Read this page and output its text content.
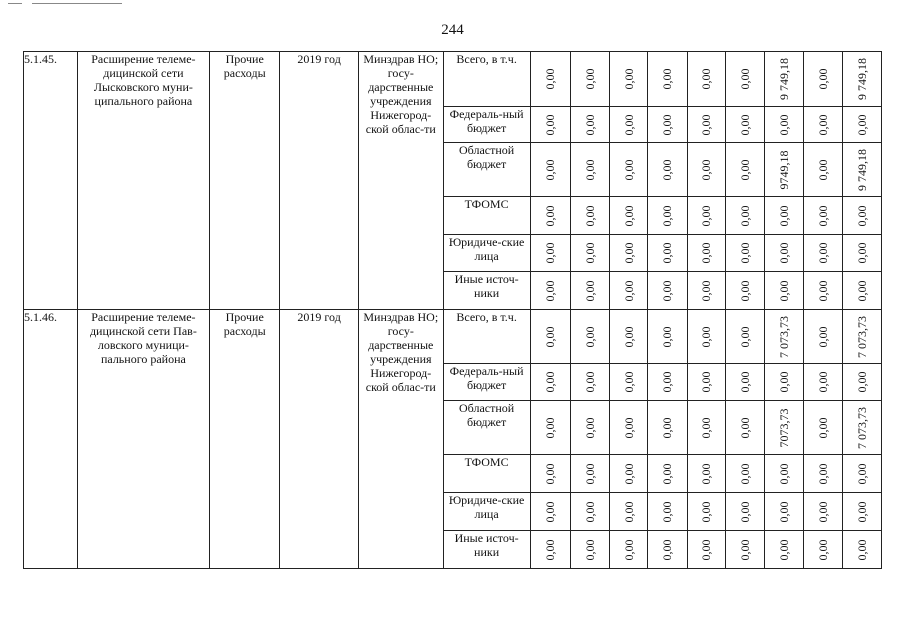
244
5.1.45.	Расширение телеме-дицинской сети Лысковского муни-ципального района	Прочие расходы	2019 год	Минздрав НО; госу-дарственные учреждения Нижегород-ской облас-ти	Всего, в т.ч.	0,00	0,00	0,00	0,00	0,00	0,00	9 749,18	0,00	9 749,18

					Федераль-ный бюджет	0,00	0,00	0,00	0,00	0,00	0,00	0,00	0,00	0,00

					Областной бюджет	0,00	0,00	0,00	0,00	0,00	0,00	9749,18	0,00	9 749,18

					ТФОМС	0,00	0,00	0,00	0,00	0,00	0,00	0,00	0,00	0,00

					Юридиче-ские лица	0,00	0,00	0,00	0,00	0,00	0,00	0,00	0,00	0,00

					Иные источ-ники	0,00	0,00	0,00	0,00	0,00	0,00	0,00	0,00	0,00

5.1.46.	Расширение телеме-дицинской сети Пав-ловского муници-пального района	Прочие расходы	2019 год	Минздрав НО; госу-дарственные учреждения Нижегород-ской облас-ти	Всего, в т.ч.	0,00	0,00	0,00	0,00	0,00	0,00	7 073,73	0,00	7 073,73

					Федераль-ный бюджет	0,00	0,00	0,00	0,00	0,00	0,00	0,00	0,00	0,00

					Областной бюджет	0,00	0,00	0,00	0,00	0,00	0,00	7073,73	0,00	7 073,73

					ТФОМС	0,00	0,00	0,00	0,00	0,00	0,00	0,00	0,00	0,00

					Юридиче-ские лица	0,00	0,00	0,00	0,00	0,00	0,00	0,00	0,00	0,00

					Иные источ-ники	0,00	0,00	0,00	0,00	0,00	0,00	0,00	0,00	0,00
